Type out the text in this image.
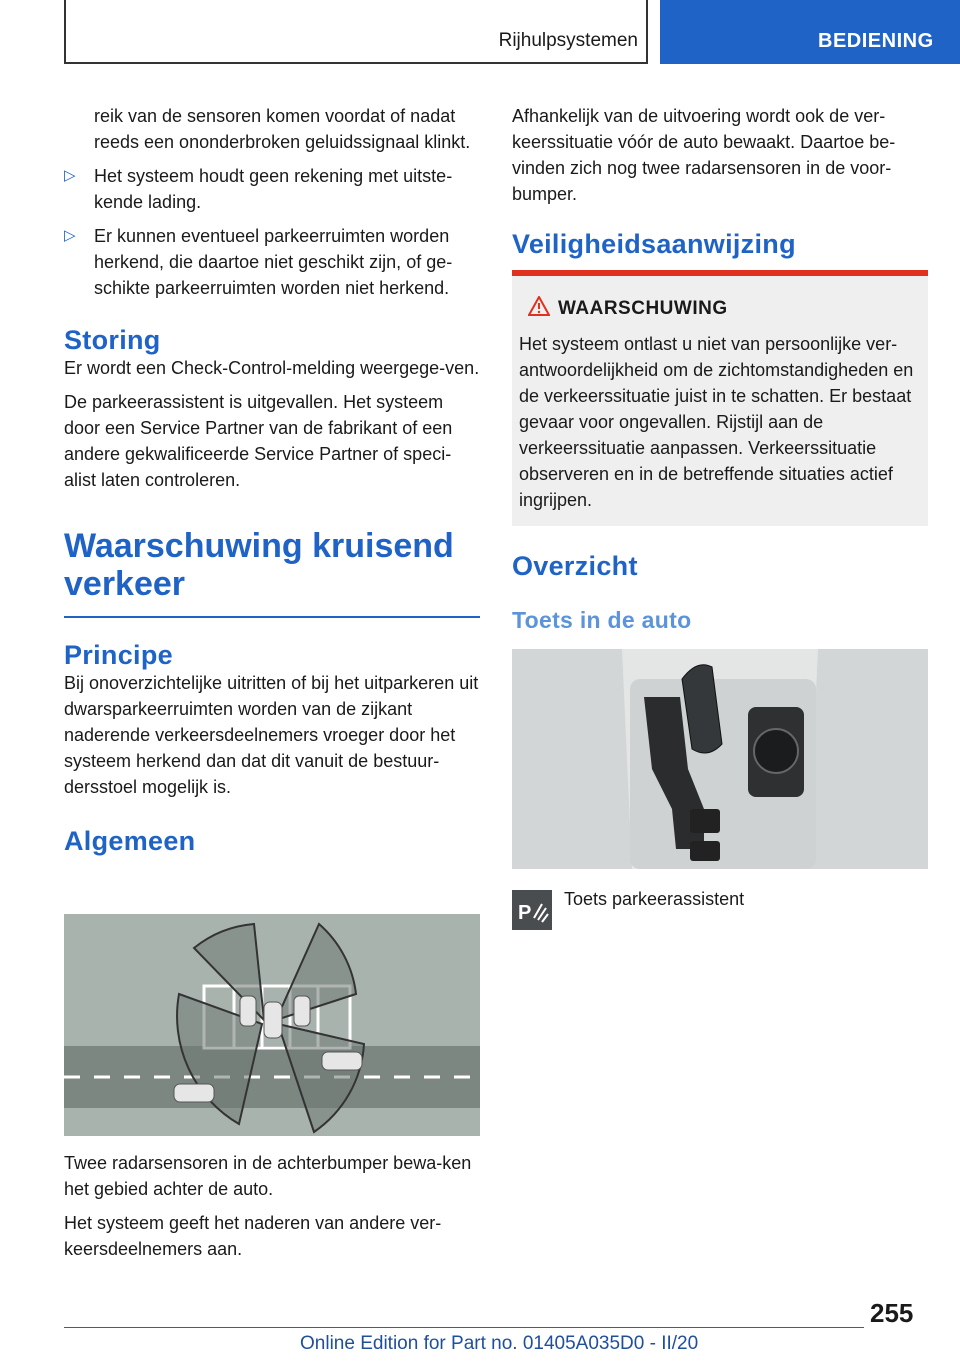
Rijhulpsystemen	BEDIENING

reik van de sensoren komen voordat of nadat reeds een ononderbroken geluidssignaal klinkt.

▷ Het systeem houdt geen rekening met uitste-kende lading.
▷ Er kunnen eventueel parkeerruimten worden herkend, die daartoe niet geschikt zijn, of ge-schikte parkeerruimten worden niet herkend.
Storing

Er wordt een Check-Control-melding weergege-ven.

De parkeerassistent is uitgevallen. Het systeem door een Service Partner van de fabrikant of een andere gekwalificeerde Service Partner of speci-alist laten controleren.

Waarschuwing kruisend verkeer
Principe

Bij onoverzichtelijke uitritten of bij het uitparkeren uit dwarsparkeerruimten worden van de zijkant naderende verkeersdeelnemers vroeger door het systeem herkend dan dat dit vanuit de bestuur-dersstoel mogelijk is.

Algemeen

Twee radarsensoren in de achterbumper bewa-ken het gebied achter de auto.

Het systeem geeft het naderen van andere ver-keersdeelnemers aan.

Afhankelijk van de uitvoering wordt ook de ver-keerssituatie vóór de auto bewaakt. Daartoe be-vinden zich nog twee radarsensoren in de voor-bumper.

Veiligheidsaanwijzing
WAARSCHUWING
Het systeem ontlast u niet van persoonlijke ver-antwoordelijkheid om de zichtomstandigheden en de verkeerssituatie juist in te schatten. Er bestaat gevaar voor ongevallen. Rijstijl aan de verkeerssituatie aanpassen. Verkeerssituatie observeren en in de betreffende situaties actief ingrijpen.
Overzicht
Toets in de auto
P
Toets parkeerassistent
255
Online Edition for Part no. 01405A035D0 - II/20
